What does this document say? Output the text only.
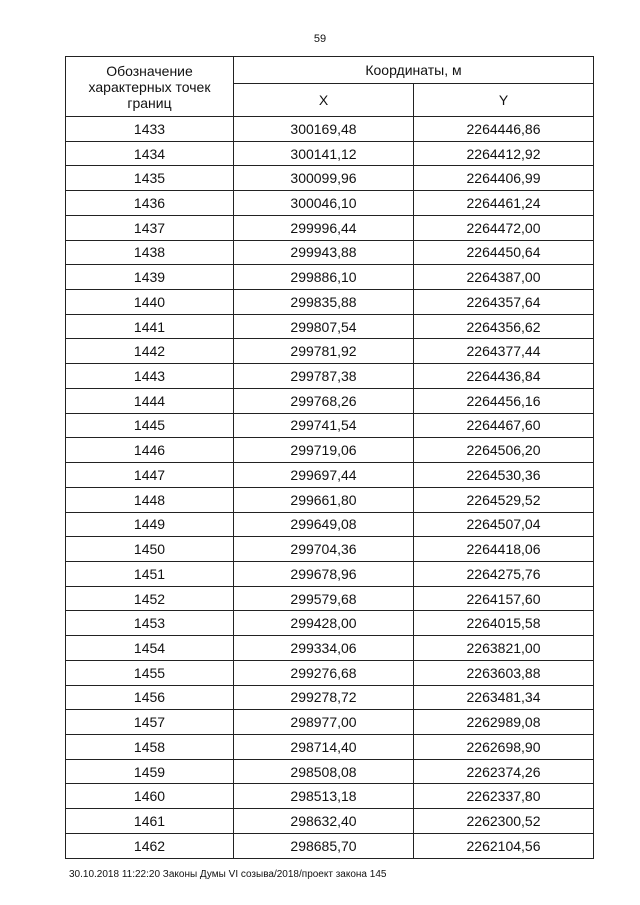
59
Обозначение характерных точек границ	Координаты, м	
	X	Y
1433	300169,48	2264446,86
1434	300141,12	2264412,92
1435	300099,96	2264406,99
1436	300046,10	2264461,24
1437	299996,44	2264472,00
1438	299943,88	2264450,64
1439	299886,10	2264387,00
1440	299835,88	2264357,64
1441	299807,54	2264356,62
1442	299781,92	2264377,44
1443	299787,38	2264436,84
1444	299768,26	2264456,16
1445	299741,54	2264467,60
1446	299719,06	2264506,20
1447	299697,44	2264530,36
1448	299661,80	2264529,52
1449	299649,08	2264507,04
1450	299704,36	2264418,06
1451	299678,96	2264275,76
1452	299579,68	2264157,60
1453	299428,00	2264015,58
1454	299334,06	2263821,00
1455	299276,68	2263603,88
1456	299278,72	2263481,34
1457	298977,00	2262989,08
1458	298714,40	2262698,90
1459	298508,08	2262374,26
1460	298513,18	2262337,80
1461	298632,40	2262300,52
1462	298685,70	2262104,56
30.10.2018 11:22:20 Законы Думы VI созыва/2018/проект закона 145
